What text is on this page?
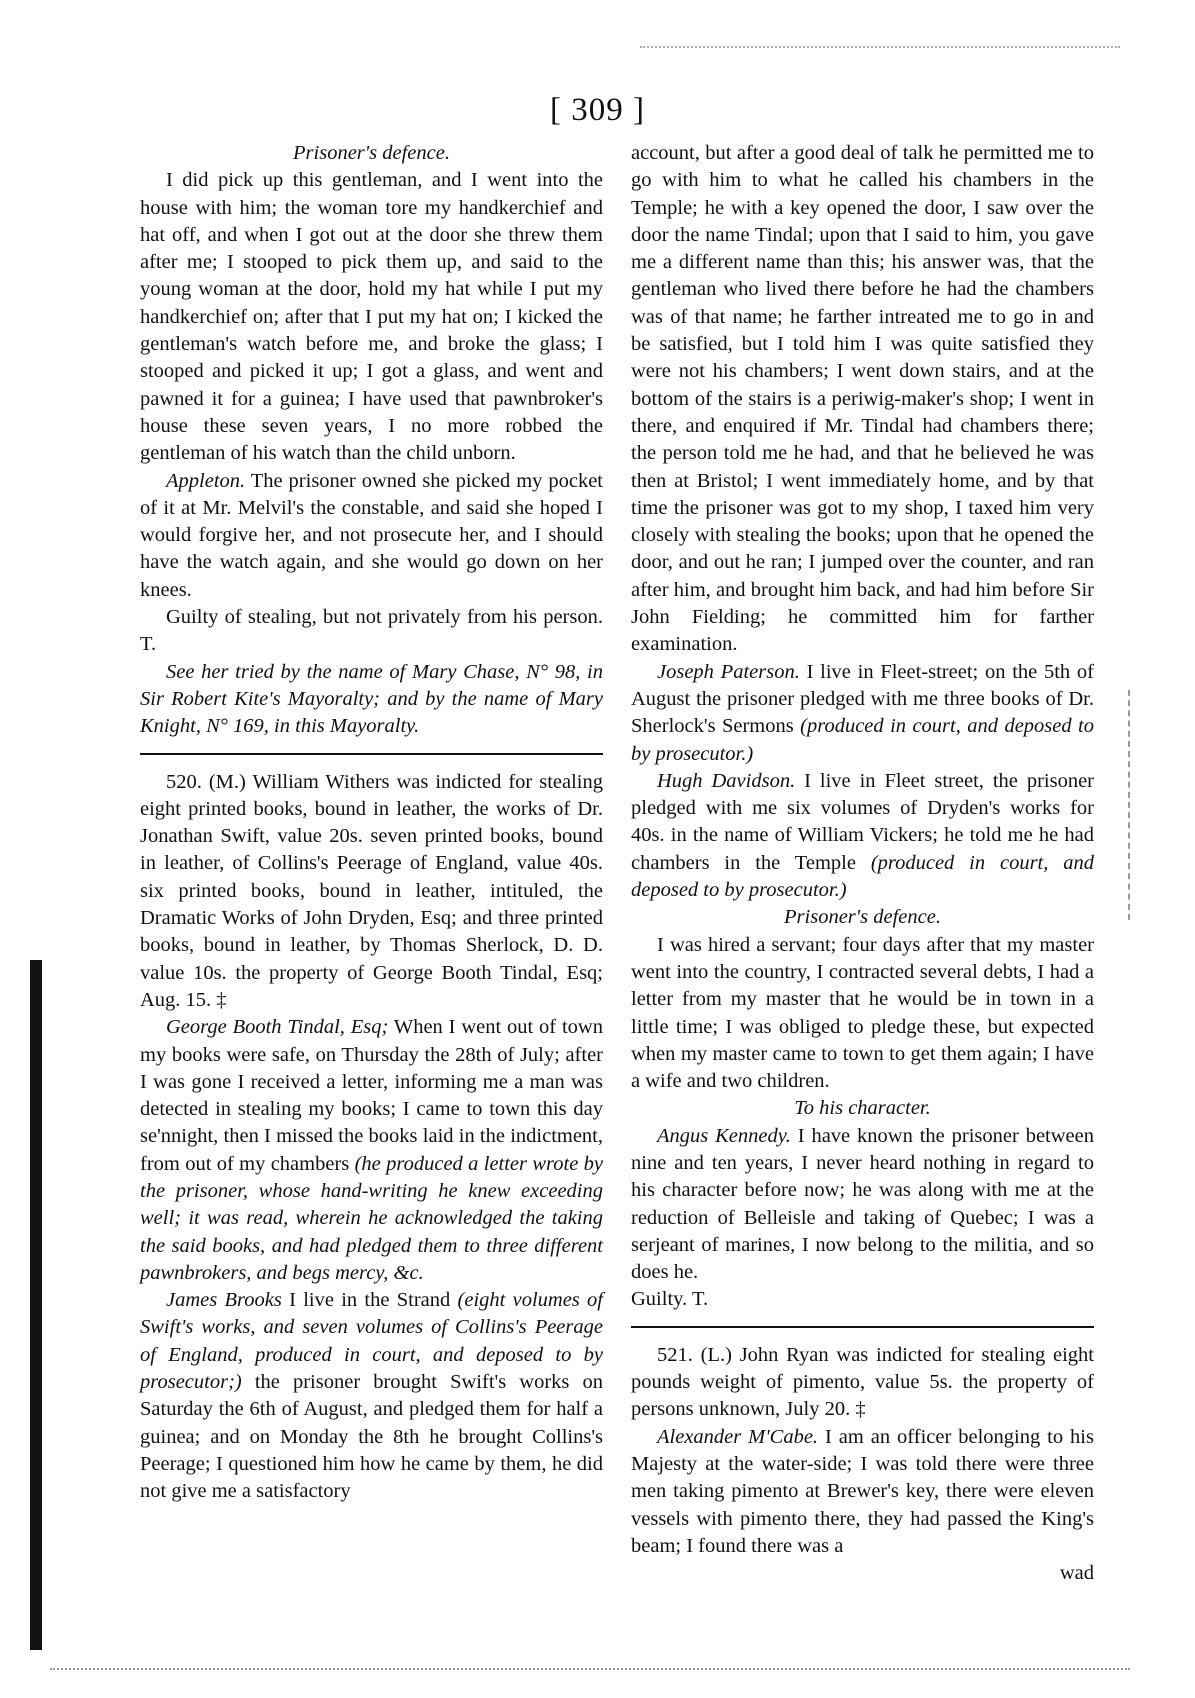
[ 309 ]

Prisoner's defence.

I did pick up this gentleman, and I went into the house with him; the woman tore my handkerchief and hat off, and when I got out at the door she threw them after me; I stooped to pick them up, and said to the young woman at the door, hold my hat while I put my handkerchief on; after that I put my hat on; I kicked the gentleman's watch before me, and broke the glass; I stooped and picked it up; I got a glass, and went and pawned it for a guinea; I have used that pawnbroker's house these seven years, I no more robbed the gentleman of his watch than the child unborn.

Appleton. The prisoner owned she picked my pocket of it at Mr. Melvil's the constable, and said she hoped I would forgive her, and not prosecute her, and I should have the watch again, and she would go down on her knees.

Guilty of stealing, but not privately from his person. T.

See her tried by the name of Mary Chase, N° 98, in Sir Robert Kite's Mayoralty; and by the name of Mary Knight, N° 169, in this Mayoralty.

520. (M.) William Withers was indicted for stealing eight printed books, bound in leather, the works of Dr. Jonathan Swift, value 20s. seven printed books, bound in leather, of Collins's Peerage of England, value 40s. six printed books, bound in leather, intituled, the Dramatic Works of John Dryden, Esq; and three printed books, bound in leather, by Thomas Sherlock, D. D. value 10s. the property of George Booth Tindal, Esq; Aug. 15. ‡

George Booth Tindal, Esq; When I went out of town my books were safe, on Thursday the 28th of July; after I was gone I received a letter, informing me a man was detected in stealing my books; I came to town this day se'nnight, then I missed the books laid in the indictment, from out of my chambers (he produced a letter wrote by the prisoner, whose hand-writing he knew exceeding well; it was read, wherein he acknowledged the taking the said books, and had pledged them to three different pawnbrokers, and begs mercy, &c.

James Brooks I live in the Strand (eight volumes of Swift's works, and seven volumes of Collins's Peerage of England, produced in court, and deposed to by prosecutor;) the prisoner brought Swift's works on Saturday the 6th of August, and pledged them for half a guinea; and on Monday the 8th he brought Collins's Peerage; I questioned him how he came by them, he did not give me a satisfactory

account, but after a good deal of talk he permitted me to go with him to what he called his chambers in the Temple; he with a key opened the door, I saw over the door the name Tindal; upon that I said to him, you gave me a different name than this; his answer was, that the gentleman who lived there before he had the chambers was of that name; he farther intreated me to go in and be satisfied, but I told him I was quite satisfied they were not his chambers; I went down stairs, and at the bottom of the stairs is a periwig-maker's shop; I went in there, and enquired if Mr. Tindal had chambers there; the person told me he had, and that he believed he was then at Bristol; I went immediately home, and by that time the prisoner was got to my shop, I taxed him very closely with stealing the books; upon that he opened the door, and out he ran; I jumped over the counter, and ran after him, and brought him back, and had him before Sir John Fielding; he committed him for farther examination.

Joseph Paterson. I live in Fleet-street; on the 5th of August the prisoner pledged with me three books of Dr. Sherlock's Sermons (produced in court, and deposed to by prosecutor.)

Hugh Davidson. I live in Fleet street, the prisoner pledged with me six volumes of Dryden's works for 40s. in the name of William Vickers; he told me he had chambers in the Temple (produced in court, and deposed to by prosecutor.)

Prisoner's defence.

I was hired a servant; four days after that my master went into the country, I contracted several debts, I had a letter from my master that he would be in town in a little time; I was obliged to pledge these, but expected when my master came to town to get them again; I have a wife and two children.

To his character.

Angus Kennedy. I have known the prisoner between nine and ten years, I never heard nothing in regard to his character before now; he was along with me at the reduction of Belleisle and taking of Quebec; I was a serjeant of marines, I now belong to the militia, and so does he.

Guilty. T.

521. (L.) John Ryan was indicted for stealing eight pounds weight of pimento, value 5s. the property of persons unknown, July 20. ‡

Alexander M'Cabe. I am an officer belonging to his Majesty at the water-side; I was told there were three men taking pimento at Brewer's key, there were eleven vessels with pimento there, they had passed the King's beam; I found there was a

wad
